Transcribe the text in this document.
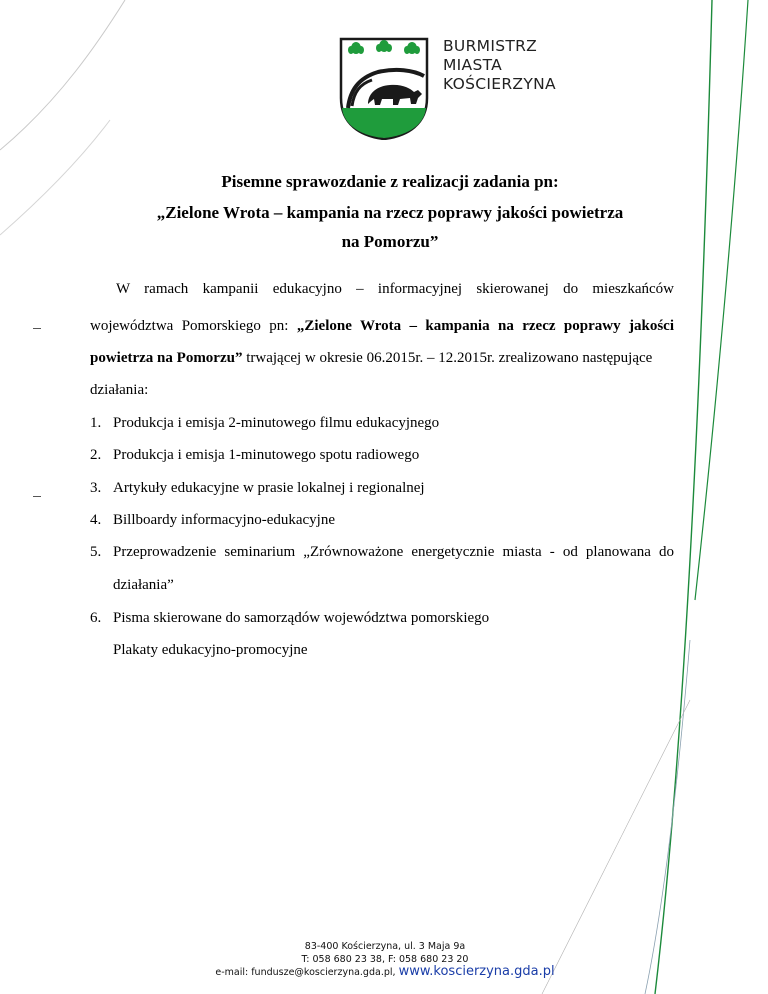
BURMISTRZ
MIASTA
KOŚCIERZYNA
Pisemne sprawozdanie z realizacji zadania pn:
„Zielone Wrota – kampania na rzecz poprawy jakości powietrza
na Pomorzu”
W ramach kampanii edukacyjno – informacyjnej skierowanej do mieszkańców
województwa Pomorskiego pn: „Zielone Wrota – kampania na rzecz poprawy jakości
powietrza na Pomorzu” trwającej w okresie 06.2015r. – 12.2015r. zrealizowano następujące
działania:
1. Produkcja i emisja 2-minutowego filmu edukacyjnego
2. Produkcja i emisja 1-minutowego spotu radiowego
3. Artykuły edukacyjne w prasie lokalnej i regionalnej
4. Billboardy informacyjno-edukacyjne
5. Przeprowadzenie seminarium „Zrównoważone energetycznie miasta - od planowana do
działania”
6. Pisma skierowane do samorządów województwa pomorskiego
Plakaty edukacyjno-promocyjne
83-400 Kościerzyna, ul. 3 Maja 9a
T: 058 680 23 38, F: 058 680 23 20
e-mail: fundusze@koscierzyna.gda.pl, www.koscierzyna.gda.pl
